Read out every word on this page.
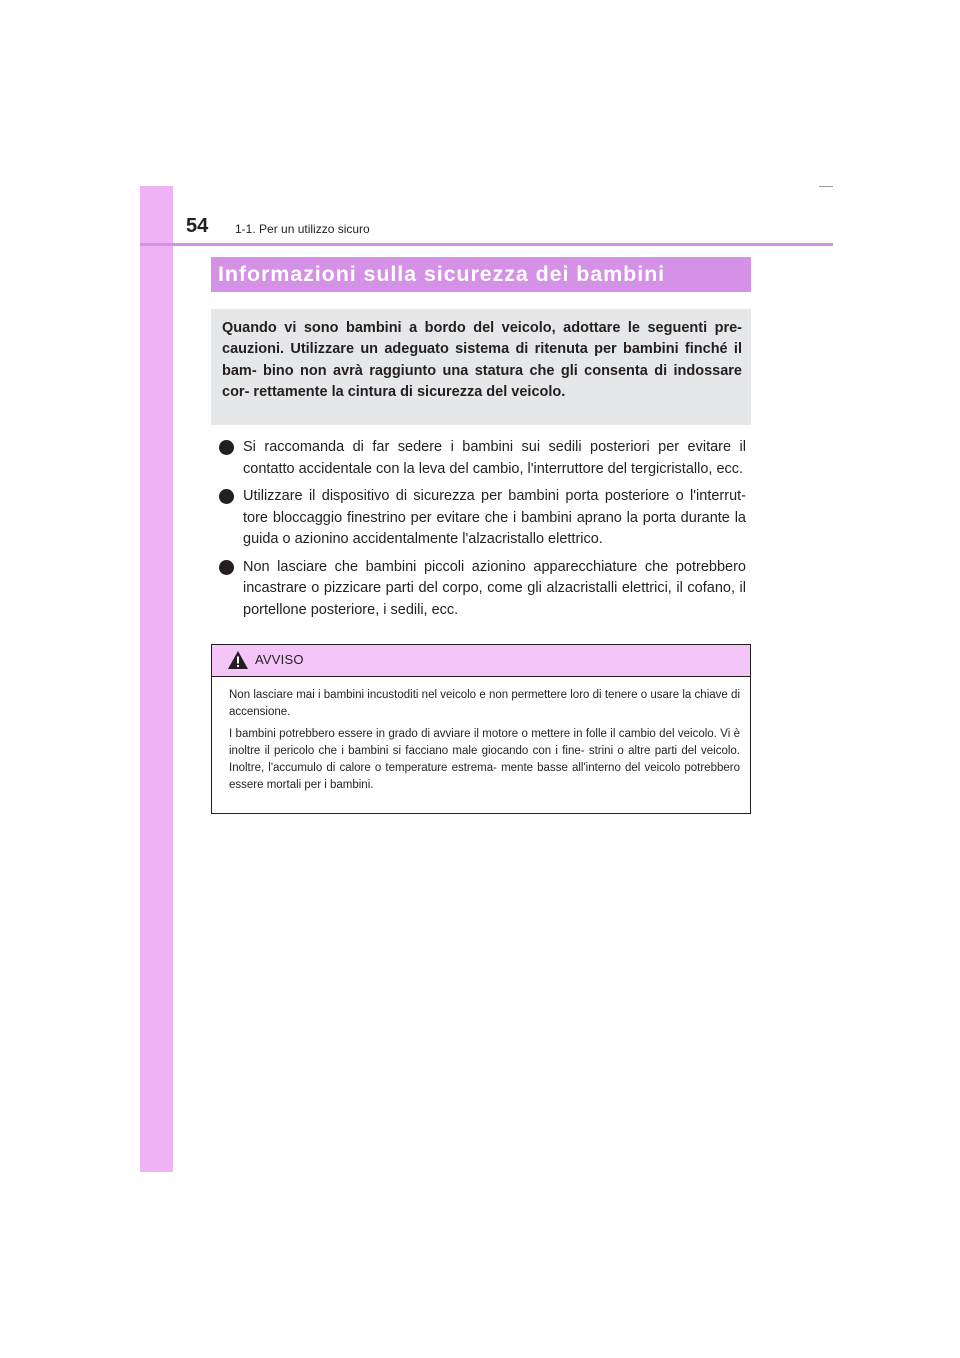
54 1-1. Per un utilizzo sicuro
Informazioni sulla sicurezza dei bambini

Quando vi sono bambini a bordo del veicolo, adottare le seguenti pre- cauzioni. Utilizzare un adeguato sistema di ritenuta per bambini finché il bam- bino non avrà raggiunto una statura che gli consenta di indossare cor- rettamente la cintura di sicurezza del veicolo.

Si raccomanda di far sedere i bambini sui sedili posteriori per evitare il contatto accidentale con la leva del cambio, l'interruttore del tergicristallo, ecc.
Utilizzare il dispositivo di sicurezza per bambini porta posteriore o l'interrut- tore bloccaggio finestrino per evitare che i bambini aprano la porta durante la guida o azionino accidentalmente l'alzacristallo elettrico.
Non lasciare che bambini piccoli azionino apparecchiature che potrebbero incastrare o pizzicare parti del corpo, come gli alzacristalli elettrici, il cofano, il portellone posteriore, i sedili, ecc.
AVVISO

Non lasciare mai i bambini incustoditi nel veicolo e non permettere loro di tenere o usare la chiave di accensione.

I bambini potrebbero essere in grado di avviare il motore o mettere in folle il cambio del veicolo. Vi è inoltre il pericolo che i bambini si facciano male giocando con i fine- strini o altre parti del veicolo. Inoltre, l'accumulo di calore o temperature estrema- mente basse all'interno del veicolo potrebbero essere mortali per i bambini.
